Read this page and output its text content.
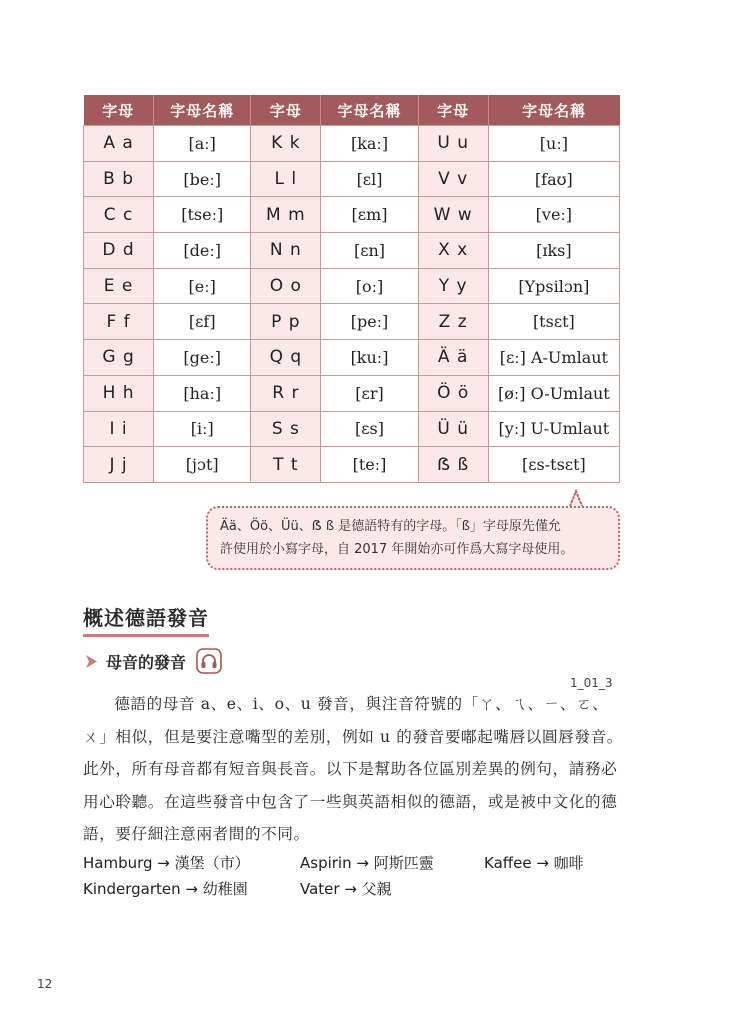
字母	字母名稱	字母	字母名稱	字母	字母名稱
A a	[aː]	K k	[kaː]	U u	[uː]
B b	[beː]	L l	[ɛl]	V v	[faʊ]
C c	[tseː]	M m	[ɛm]	W w	[veː]
D d	[deː]	N n	[ɛn]	X x	[ɪks]
E e	[eː]	O o	[oː]	Y y	[Ypsilɔn]
F f	[ɛf]	P p	[peː]	Z z	[tsɛt]
G g	[geː]	Q q	[kuː]	Ä ä	[ɛː] A-Umlaut
H h	[haː]	R r	[ɛr]	Ö ö	[øː] O-Umlaut
I i	[iː]	S s	[ɛs]	Ü ü	[yː] U-Umlaut
J j	[jɔt]	T t	[teː]	ẞ ß	[ɛs-tsɛt]
Ää、Öö、Üü、ẞ ß 是德語特有的字母。「ß」字母原先僅允
許使用於小寫字母，自 2017 年開始亦可作爲大寫字母使用。
概述德語發音
母音的發音
1_01_3

德語的母音 a、e、i、o、u 發音，與注音符號的「ㄚ、ㄟ、ㄧ、ㄛ、ㄨ」相似，但是要注意嘴型的差別，例如 u 的發音要嘟起嘴唇以圓唇發音。此外，所有母音都有短音與長音。以下是幫助各位區別差異的例句，請務必用心聆聽。在這些發音中包含了一些與英語相似的德語，或是被中文化的德語，要仔細注意兩者間的不同。

Hamburg → 漢堡（市）	Aspirin → 阿斯匹靈	Kaffee → 咖啡
Kindergarten → 幼稚園	Vater → 父親
12
